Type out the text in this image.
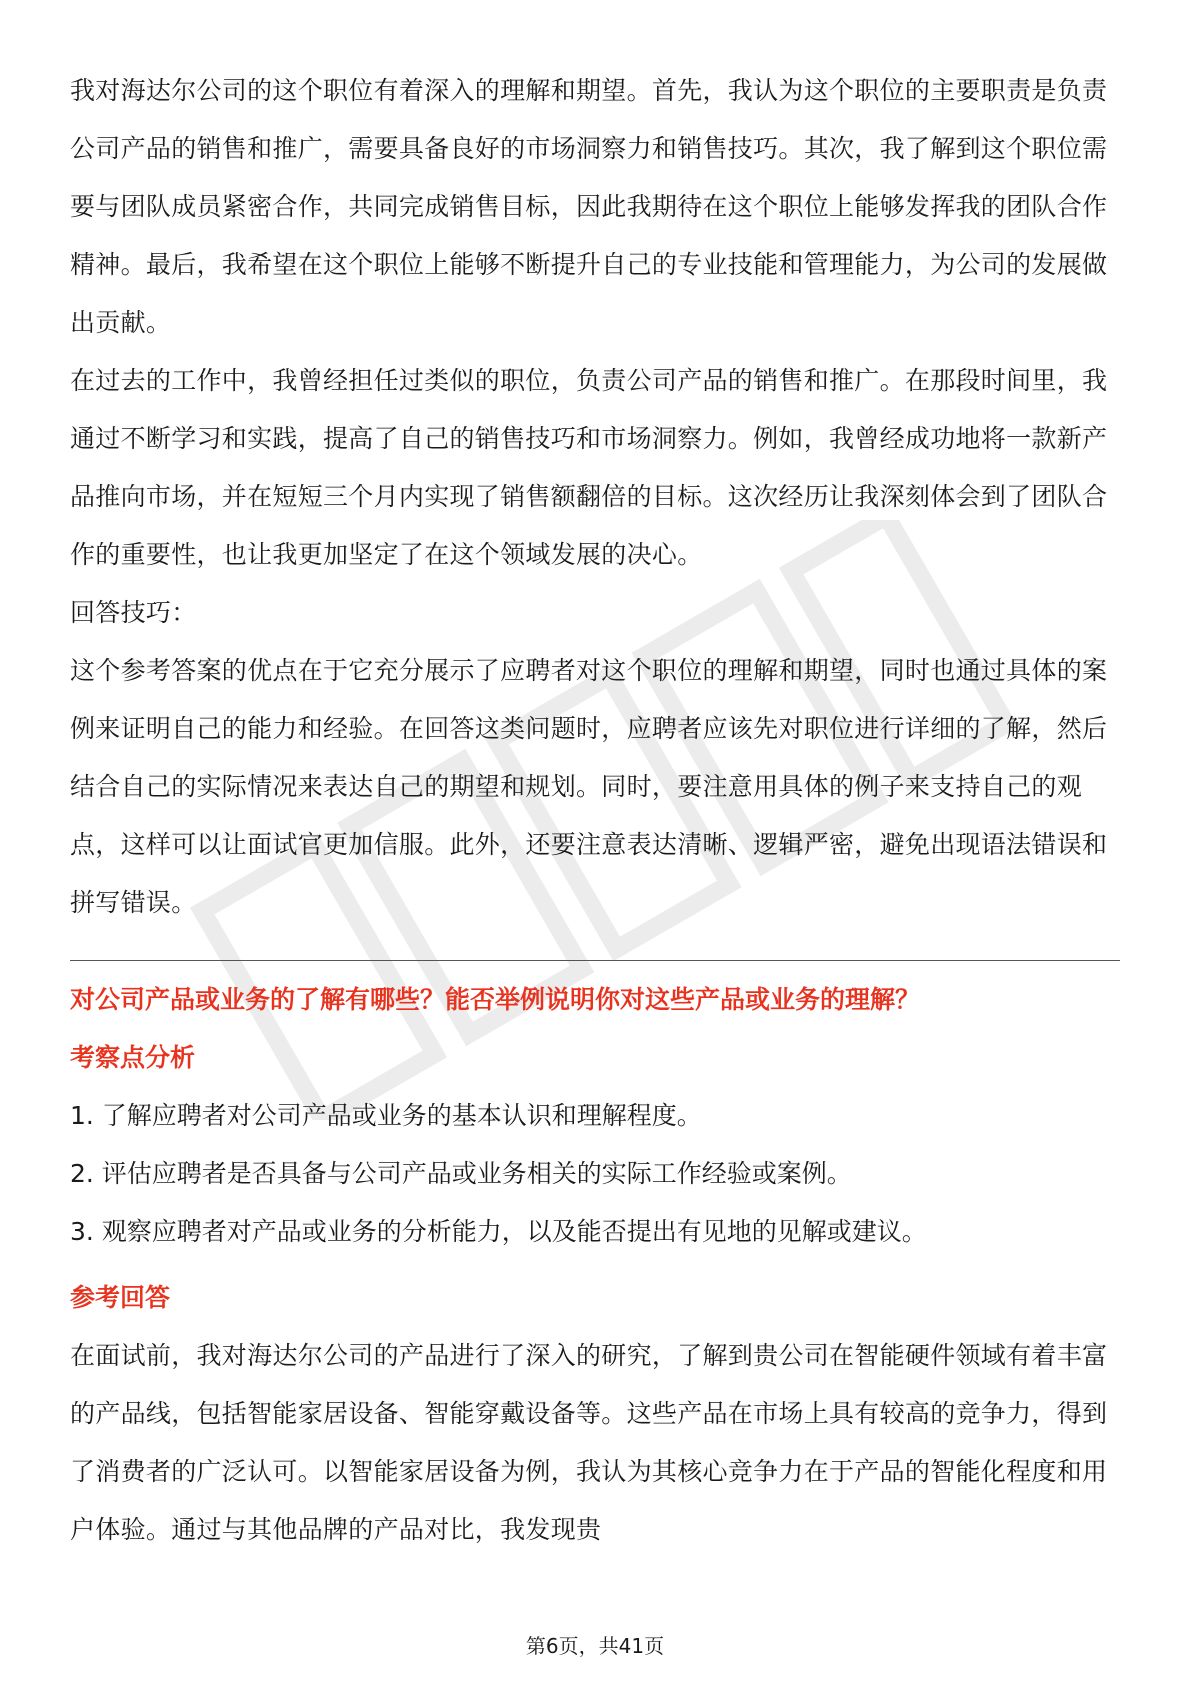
我对海达尔公司的这个职位有着深入的理解和期望。首先，我认为这个职位的主要职责是负责公司产品的销售和推广，需要具备良好的市场洞察力和销售技巧。其次，我了解到这个职位需要与团队成员紧密合作，共同完成销售目标，因此我期待在这个职位上能够发挥我的团队合作精神。最后，我希望在这个职位上能够不断提升自己的专业技能和管理能力，为公司的发展做出贡献。

在过去的工作中，我曾经担任过类似的职位，负责公司产品的销售和推广。在那段时间里，我通过不断学习和实践，提高了自己的销售技巧和市场洞察力。例如，我曾经成功地将一款新产品推向市场，并在短短三个月内实现了销售额翻倍的目标。这次经历让我深刻体会到了团队合作的重要性，也让我更加坚定了在这个领域发展的决心。

回答技巧：

这个参考答案的优点在于它充分展示了应聘者对这个职位的理解和期望，同时也通过具体的案例来证明自己的能力和经验。在回答这类问题时，应聘者应该先对职位进行详细的了解，然后结合自己的实际情况来表达自己的期望和规划。同时，要注意用具体的例子来支持自己的观点，这样可以让面试官更加信服。此外，还要注意表达清晰、逻辑严密，避免出现语法错误和拼写错误。

对公司产品或业务的了解有哪些？能否举例说明你对这些产品或业务的理解？

考察点分析

1. 了解应聘者对公司产品或业务的基本认识和理解程度。

2. 评估应聘者是否具备与公司产品或业务相关的实际工作经验或案例。

3. 观察应聘者对产品或业务的分析能力，以及能否提出有见地的见解或建议。

参考回答

在面试前，我对海达尔公司的产品进行了深入的研究，了解到贵公司在智能硬件领域有着丰富的产品线，包括智能家居设备、智能穿戴设备等。这些产品在市场上具有较高的竞争力，得到了消费者的广泛认可。以智能家居设备为例，我认为其核心竞争力在于产品的智能化程度和用户体验。通过与其他品牌的产品对比，我发现贵

第6页，共41页
